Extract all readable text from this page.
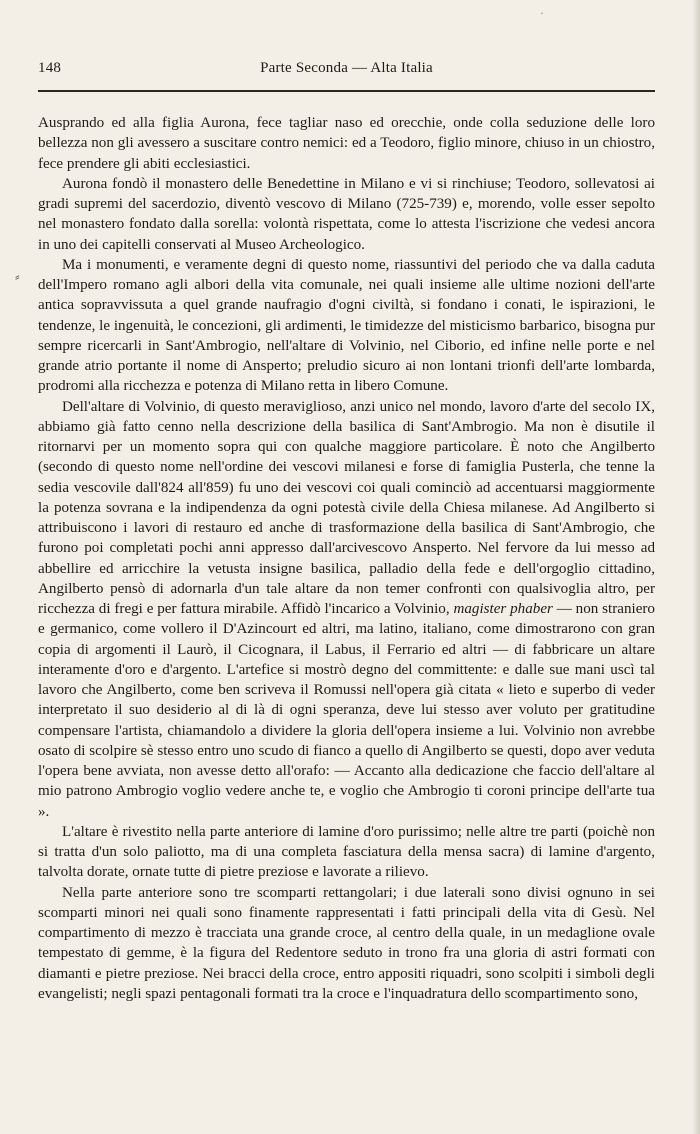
·
⸗
148	Parte Seconda — Alta Italia

Ausprando ed alla figlia Aurona, fece tagliar naso ed orecchie, onde colla seduzione delle loro bellezza non gli avessero a suscitare contro nemici: ed a Teodoro, figlio minore, chiuso in un chiostro, fece prendere gli abiti ecclesiastici.

Aurona fondò il monastero delle Benedettine in Milano e vi si rinchiuse; Teodoro, sollevatosi ai gradi supremi del sacerdozio, diventò vescovo di Milano (725-739) e, morendo, volle esser sepolto nel monastero fondato dalla sorella: volontà rispettata, come lo attesta l'iscrizione che vedesi ancora in uno dei capitelli conservati al Museo Archeologico.

Ma i monumenti, e veramente degni di questo nome, riassuntivi del periodo che va dalla caduta dell'Impero romano agli albori della vita comunale, nei quali insieme alle ultime nozioni dell'arte antica sopravvissuta a quel grande naufragio d'ogni civiltà, si fondano i conati, le ispirazioni, le tendenze, le ingenuità, le concezioni, gli ardimenti, le timidezze del misticismo barbarico, bisogna pur sempre ricercarli in Sant'Ambrogio, nell'altare di Volvinio, nel Ciborio, ed infine nelle porte e nel grande atrio portante il nome di Ansperto; preludio sicuro ai non lontani trionfi dell'arte lombarda, prodromi alla ricchezza e potenza di Milano retta in libero Comune.

Dell'altare di Volvinio, di questo meraviglioso, anzi unico nel mondo, lavoro d'arte del secolo IX, abbiamo già fatto cenno nella descrizione della basilica di Sant'Ambrogio. Ma non è disutile il ritornarvi per un momento sopra qui con qualche maggiore particolare. È noto che Angilberto (secondo di questo nome nell'ordine dei vescovi milanesi e forse di famiglia Pusterla, che tenne la sedia vescovile dall'824 all'859) fu uno dei vescovi coi quali cominciò ad accentuarsi maggiormente la potenza sovrana e la indipendenza da ogni potestà civile della Chiesa milanese. Ad Angilberto si attribuiscono i lavori di restauro ed anche di trasformazione della basilica di Sant'Ambrogio, che furono poi completati pochi anni appresso dall'arcivescovo Ansperto. Nel fervore da lui messo ad abbellire ed arricchire la vetusta insigne basilica, palladio della fede e dell'orgoglio cittadino, Angilberto pensò di adornarla d'un tale altare da non temer confronti con qualsivoglia altro, per ricchezza di fregi e per fattura mirabile. Affidò l'incarico a Volvinio, magister phaber — non straniero e germanico, come vollero il D'Azincourt ed altri, ma latino, italiano, come dimostrarono con gran copia di argomenti il Laurò, il Cicognara, il Labus, il Ferrario ed altri — di fabbricare un altare interamente d'oro e d'argento. L'artefice si mostrò degno del committente: e dalle sue mani uscì tal lavoro che Angilberto, come ben scriveva il Romussi nell'opera già citata « lieto e superbo di veder interpretato il suo desiderio al di là di ogni speranza, deve lui stesso aver voluto per gratitudine compensare l'artista, chiamandolo a dividere la gloria dell'opera insieme a lui. Volvinio non avrebbe osato di scolpire sè stesso entro uno scudo di fianco a quello di Angilberto se questi, dopo aver veduta l'opera bene avviata, non avesse detto all'orafo: — Accanto alla dedicazione che faccio dell'altare al mio patrono Ambrogio voglio vedere anche te, e voglio che Ambrogio ti coroni principe dell'arte tua ».

L'altare è rivestito nella parte anteriore di lamine d'oro purissimo; nelle altre tre parti (poichè non si tratta d'un solo paliotto, ma di una completa fasciatura della mensa sacra) di lamine d'argento, talvolta dorate, ornate tutte di pietre preziose e lavorate a rilievo.

Nella parte anteriore sono tre scomparti rettangolari; i due laterali sono divisi ognuno in sei scomparti minori nei quali sono finamente rappresentati i fatti principali della vita di Gesù. Nel compartimento di mezzo è tracciata una grande croce, al centro della quale, in un medaglione ovale tempestato di gemme, è la figura del Redentore seduto in trono fra una gloria di astri formati con diamanti e pietre preziose. Nei bracci della croce, entro appositi riquadri, sono scolpiti i simboli degli evangelisti; negli spazi pentagonali formati tra la croce e l'inquadratura dello scompartimento sono,
